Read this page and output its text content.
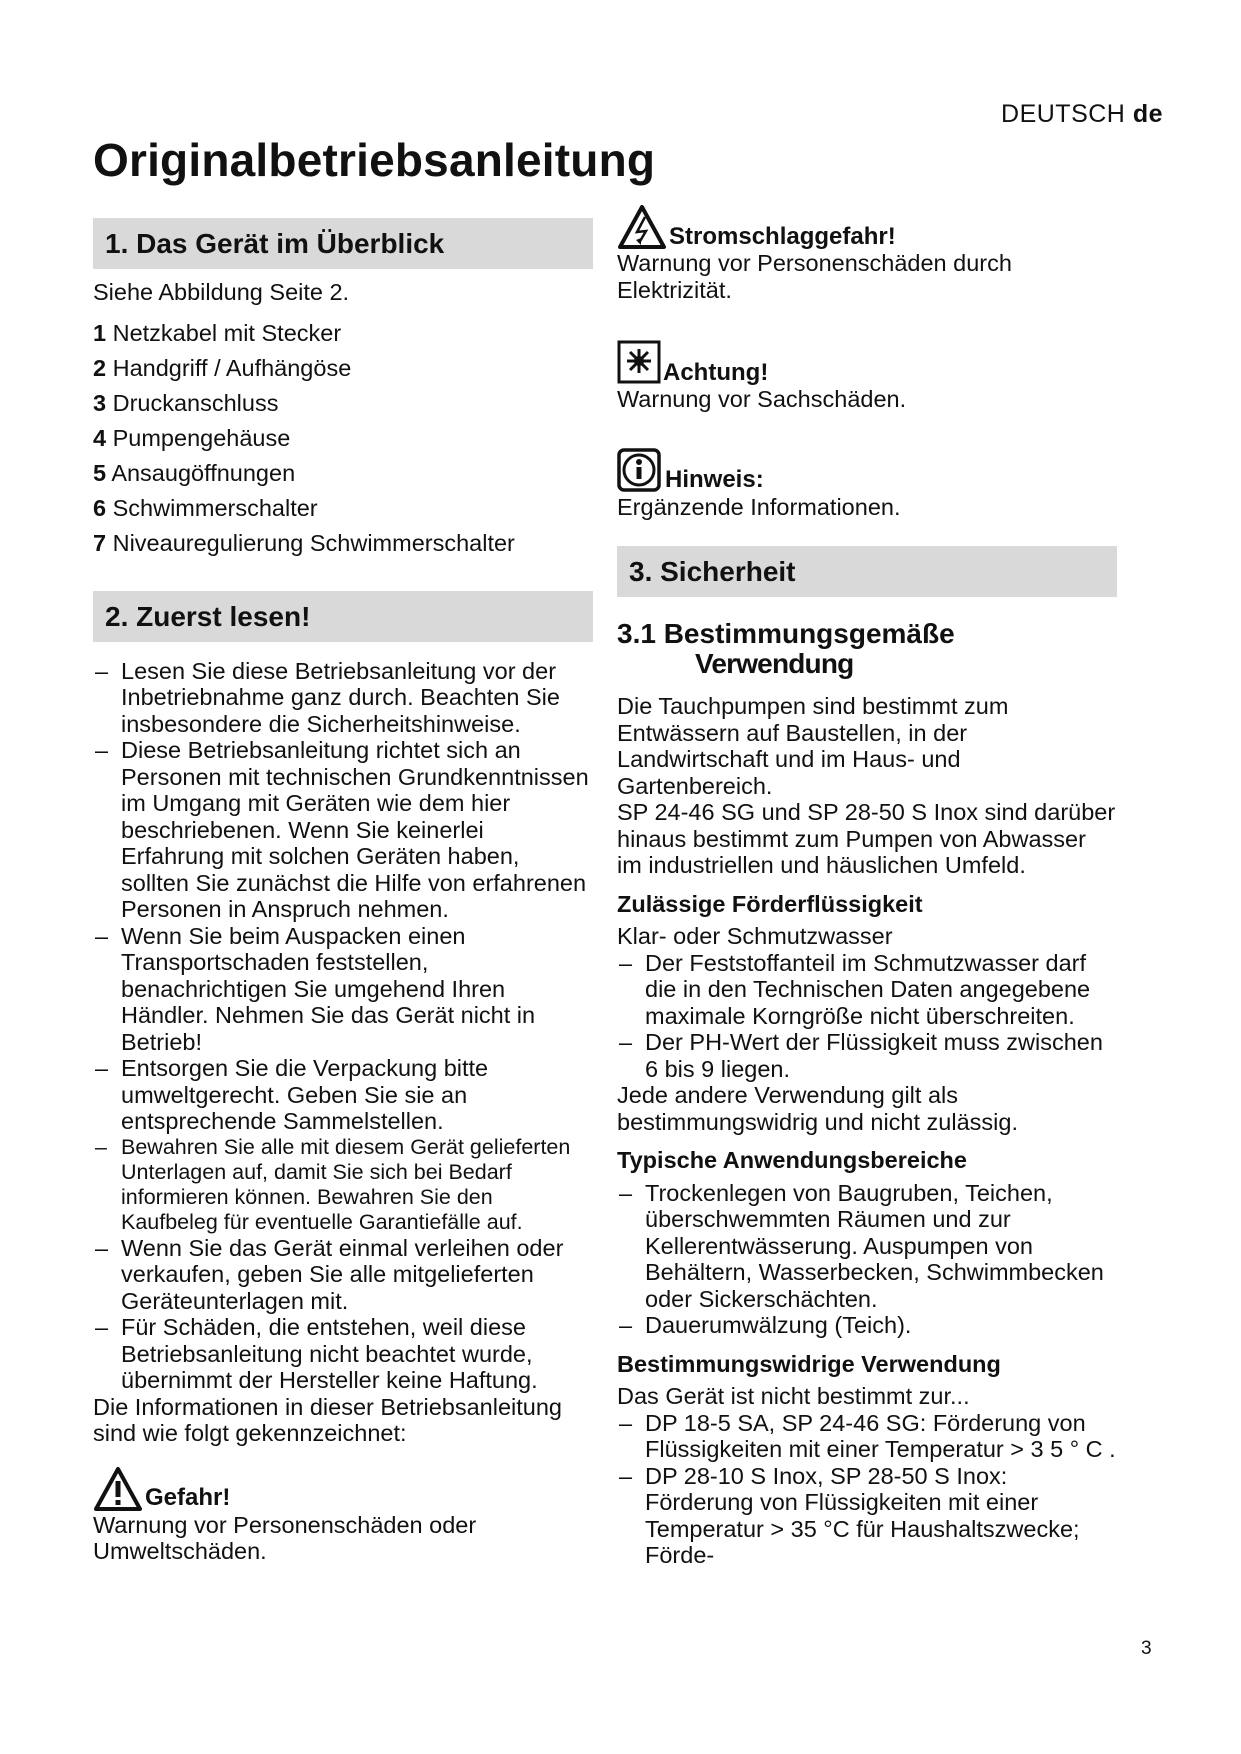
DEUTSCH de
Originalbetriebsanleitung
1. Das Gerät im Überblick

Siehe Abbildung Seite 2.

1 Netzkabel mit Stecker
2 Handgriff / Aufhängöse
3 Druckanschluss
4 Pumpengehäuse
5 Ansaugöffnungen
6 Schwimmerschalter
7 Niveauregulierung Schwimmerschalter
2. Zuerst lesen!
– Lesen Sie diese Betriebsanleitung vor der Inbetriebnahme ganz durch. Beachten Sie insbesondere die Sicherheitshinweise.
– Diese Betriebsanleitung richtet sich an Personen mit technischen Grundkenntnissen im Umgang mit Geräten wie dem hier beschriebenen. Wenn Sie keinerlei Erfahrung mit solchen Geräten haben, sollten Sie zunächst die Hilfe von erfahrenen Personen in Anspruch nehmen.
– Wenn Sie beim Auspacken einen Transportschaden feststellen, benachrichtigen Sie umgehend Ihren Händler. Nehmen Sie das Gerät nicht in Betrieb!
– Entsorgen Sie die Verpackung bitte umweltgerecht. Geben Sie sie an entsprechende Sammelstellen.
– Bewahren Sie alle mit diesem Gerät gelieferten Unterlagen auf, damit Sie sich bei Bedarf informieren können. Bewahren Sie den Kaufbeleg für eventuelle Garantiefälle auf.
– Wenn Sie das Gerät einmal verleihen oder verkaufen, geben Sie alle mitgelieferten Geräteunterlagen mit.
– Für Schäden, die entstehen, weil diese Betriebsanleitung nicht beachtet wurde, übernimmt der Hersteller keine Haftung.

Die Informationen in dieser Betriebsanleitung sind wie folgt gekennzeichnet:

Gefahr!

Warnung vor Personenschäden oder Umweltschäden.

Stromschlaggefahr!

Warnung vor Personenschäden durch Elektrizität.

Achtung!

Warnung vor Sachschäden.

Hinweis:

Ergänzende Informationen.

3. Sicherheit
3.1 Bestimmungsgemäße
Verwendung

Die Tauchpumpen sind bestimmt zum Entwässern auf Baustellen, in der Landwirtschaft und im Haus- und Gartenbereich.

SP 24-46 SG und SP 28-50 S Inox sind darüber hinaus bestimmt zum Pumpen von Abwasser im industriellen und häuslichen Umfeld.

Zulässige Förderflüssigkeit

Klar- oder Schmutzwasser

– Der Feststoffanteil im Schmutzwasser darf die in den Technischen Daten angegebene maximale Korngröße nicht überschreiten.
– Der PH-Wert der Flüssigkeit muss zwischen 6 bis 9 liegen.

Jede andere Verwendung gilt als bestimmungswidrig und nicht zulässig.

Typische Anwendungsbereiche
– Trockenlegen von Baugruben, Teichen, überschwemmten Räumen und zur Kellerentwässerung. Auspumpen von Behältern, Wasserbecken, Schwimmbecken oder Sickerschächten.
– Dauerumwälzung (Teich).
Bestimmungswidrige Verwendung

Das Gerät ist nicht bestimmt zur...

– DP 18-5 SA, SP 24-46 SG: Förderung von Flüssigkeiten mit einer Temperatur > 3 5 ° C .
– DP 28-10 S Inox, SP 28-50 S Inox: Förderung von Flüssigkeiten mit einer Temperatur > 35 °C für Haushaltszwecke; Förde-
3
